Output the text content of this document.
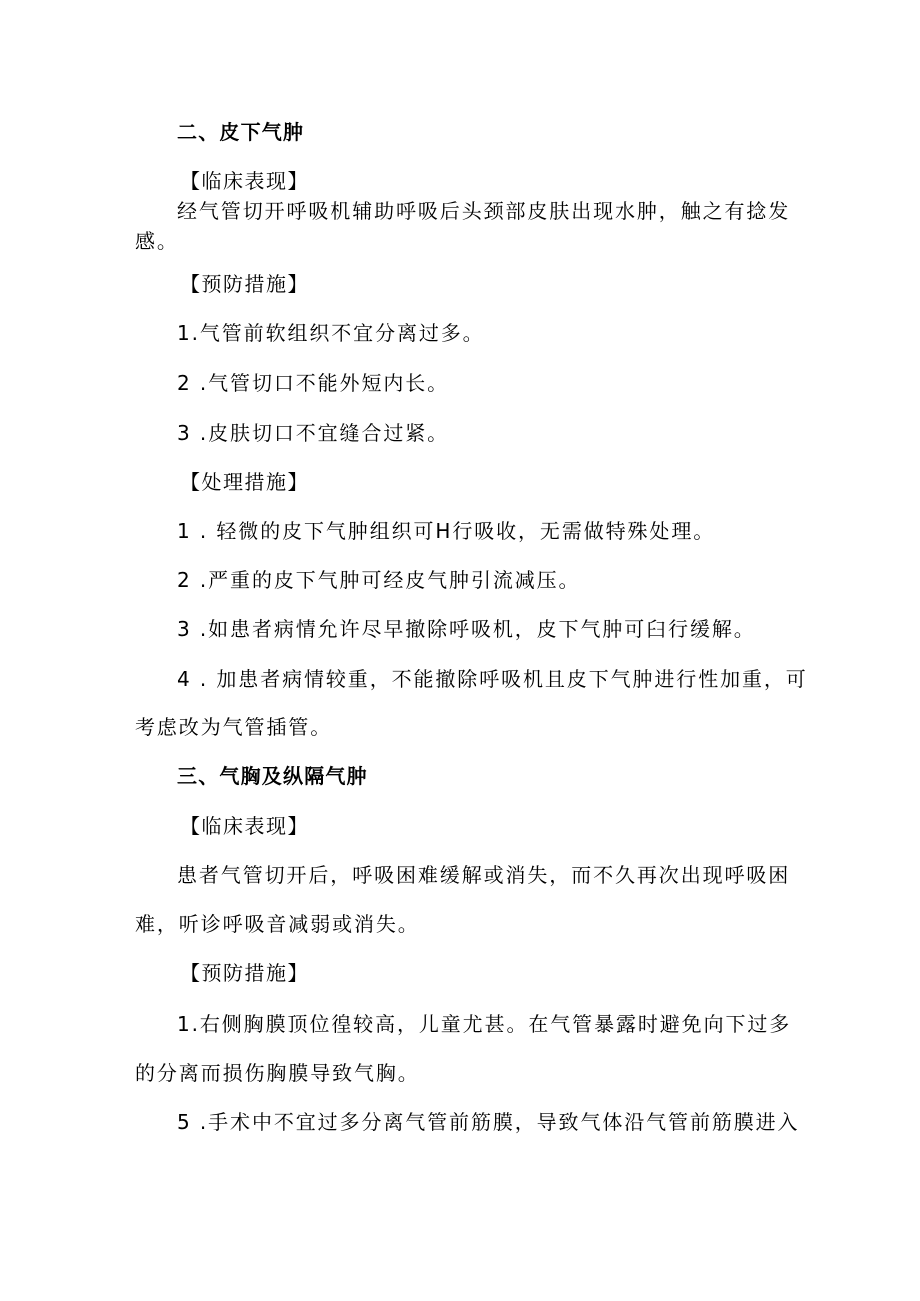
二、皮下气肿
【临床表现】
经气管切开呼吸机辅助呼吸后头颈部皮肤出现水肿，触之有捻发
感。
【预防措施】
1.气管前软组织不宜分离过多。
2 .气管切口不能外短内长。
3 .皮肤切口不宜缝合过紧。
【处理措施】
1 . 轻微的皮下气肿组织可H行吸收，无需做特殊处理。
2 .严重的皮下气肿可经皮气肿引流减压。
3 .如患者病情允许尽早撤除呼吸机，皮下气肿可臼行缓解。
4 . 加患者病情较重，不能撤除呼吸机且皮下气肿进行性加重，可
考虑改为气管插管。
三、气胸及纵隔气肿
【临床表现】
患者气管切开后，呼吸困难缓解或消失，而不久再次出现呼吸困
难，听诊呼吸音减弱或消失。
【预防措施】
1.右侧胸膜顶位徨较高，儿童尤甚。在气管暴露时避免向下过多
的分离而损伤胸膜导致气胸。
5 .手术中不宜过多分离气管前筋膜，导致气体沿气管前筋膜进入
